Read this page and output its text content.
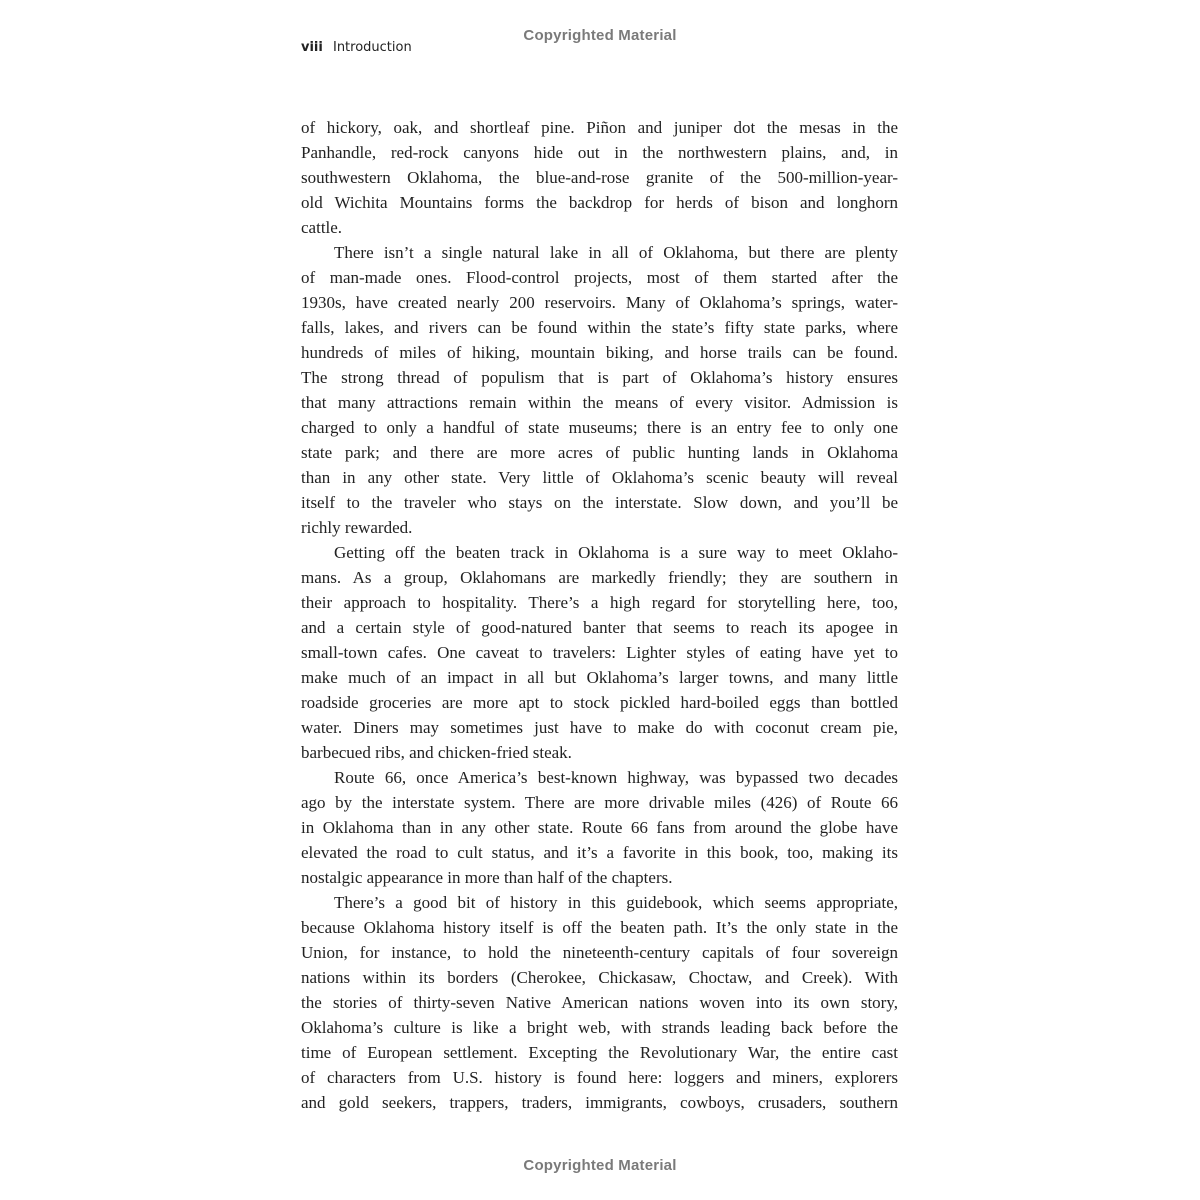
Copyrighted Material
viii Introduction
of hickory, oak, and shortleaf pine. Piñon and juniper dot the mesas in the
Panhandle, red-rock canyons hide out in the northwestern plains, and, in
southwestern Oklahoma, the blue-and-rose granite of the 500-million-year-
old Wichita Mountains forms the backdrop for herds of bison and longhorn
cattle.
There isn’t a single natural lake in all of Oklahoma, but there are plenty
of man-made ones. Flood-control projects, most of them started after the
1930s, have created nearly 200 reservoirs. Many of Oklahoma’s springs, water-
falls, lakes, and rivers can be found within the state’s fifty state parks, where
hundreds of miles of hiking, mountain biking, and horse trails can be found.
The strong thread of populism that is part of Oklahoma’s history ensures
that many attractions remain within the means of every visitor. Admission is
charged to only a handful of state museums; there is an entry fee to only one
state park; and there are more acres of public hunting lands in Oklahoma
than in any other state. Very little of Oklahoma’s scenic beauty will reveal
itself to the traveler who stays on the interstate. Slow down, and you’ll be
richly rewarded.
Getting off the beaten track in Oklahoma is a sure way to meet Oklaho-
mans. As a group, Oklahomans are markedly friendly; they are southern in
their approach to hospitality. There’s a high regard for storytelling here, too,
and a certain style of good-natured banter that seems to reach its apogee in
small-town cafes. One caveat to travelers: Lighter styles of eating have yet to
make much of an impact in all but Oklahoma’s larger towns, and many little
roadside groceries are more apt to stock pickled hard-boiled eggs than bottled
water. Diners may sometimes just have to make do with coconut cream pie,
barbecued ribs, and chicken-fried steak.
Route 66, once America’s best-known highway, was bypassed two decades
ago by the interstate system. There are more drivable miles (426) of Route 66
in Oklahoma than in any other state. Route 66 fans from around the globe have
elevated the road to cult status, and it’s a favorite in this book, too, making its
nostalgic appearance in more than half of the chapters.
There’s a good bit of history in this guidebook, which seems appropriate,
because Oklahoma history itself is off the beaten path. It’s the only state in the
Union, for instance, to hold the nineteenth-century capitals of four sovereign
nations within its borders (Cherokee, Chickasaw, Choctaw, and Creek). With
the stories of thirty-seven Native American nations woven into its own story,
Oklahoma’s culture is like a bright web, with strands leading back before the
time of European settlement. Excepting the Revolutionary War, the entire cast
of characters from U.S. history is found here: loggers and miners, explorers
and gold seekers, trappers, traders, immigrants, cowboys, crusaders, southern
Copyrighted Material
